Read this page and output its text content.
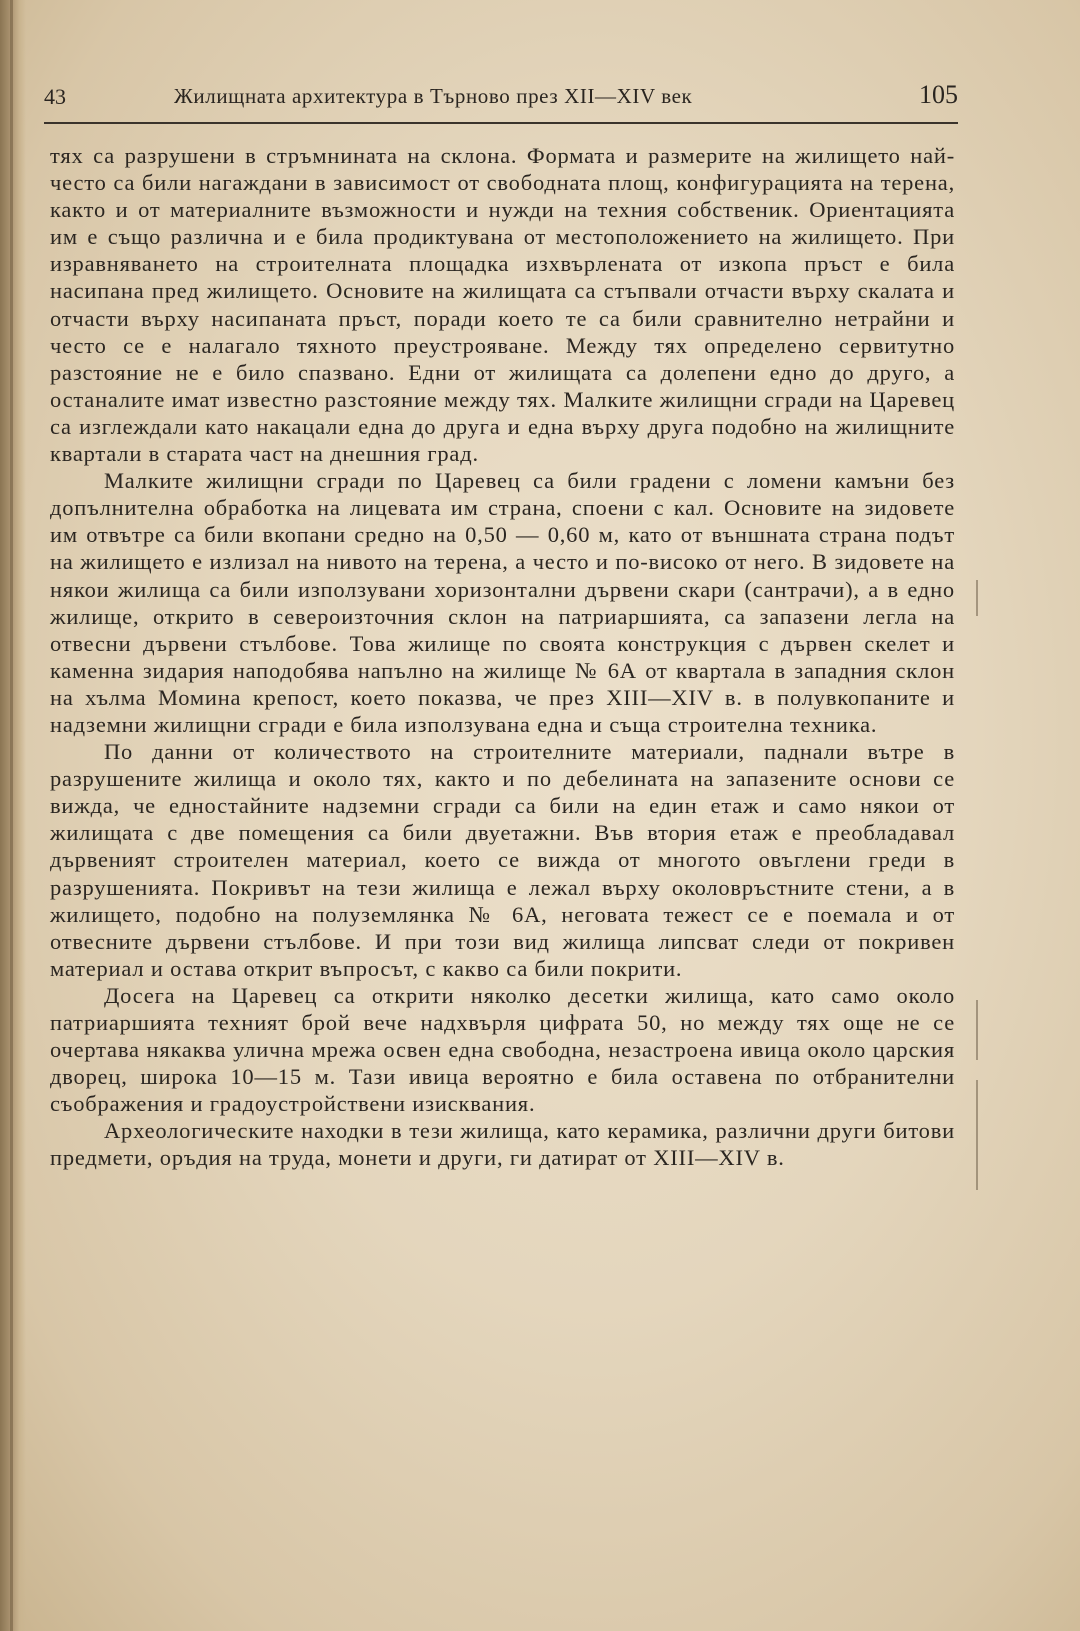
43	Жилищната архитектура в Търново през XII—XIV век	105

тях са разрушени в стръмнината на склона. Формата и размерите на жилището най-често са били нагаждани в зависимост от свободната площ, конфигурацията на терена, както и от материалните възможности и нужди на техния собственик. Ориентацията им е също различна и е била продиктувана от местоположението на жилището. При изравняването на строителната площадка изхвърлената от изкопа пръст е била насипана пред жилището. Основите на жилищата са стъпвали отчасти върху скалата и отчасти върху насипаната пръст, поради което те са били сравнително нетрайни и често се е налагало тяхното преустрояване. Между тях определено сервитутно разстояние не е било спазвано. Едни от жилищата са долепени едно до друго, а останалите имат известно разстояние между тях. Малките жилищни сгради на Царевец са изглеждали като накацали една до друга и една върху друга подобно на жилищните квартали в старата част на днешния град.

Малките жилищни сгради по Царевец са били градени с ломени камъни без допълнителна обработка на лицевата им страна, споени с кал. Основите на зидовете им отвътре са били вкопани средно на 0,50 — 0,60 м, като от външната страна подът на жилището е излизал на нивото на терена, а често и по-високо от него. В зидовете на някои жилища са били използувани хоризонтални дървени скари (сантрачи), а в едно жилище, открито в североизточния склон на патриаршията, са запазени легла на отвесни дървени стълбове. Това жилище по своята конструкция с дървен скелет и каменна зидария наподобява напълно на жилище № 6А от квартала в западния склон на хълма Момина крепост, което показва, че през XIII—XIV в. в полувкопаните и надземни жилищни сгради е била използувана една и съща строителна техника.

По данни от количеството на строителните материали, паднали вътре в разрушените жилища и около тях, както и по дебелината на запазените основи се вижда, че едностайните надземни сгради са били на един етаж и само някои от жилищата с две помещения са били двуетажни. Във втория етаж е преобладавал дървеният строителен материал, което се вижда от многото овъглени греди в разрушенията. Покривът на тези жилища е лежал върху околовръстните стени, а в жилището, подобно на полуземлянка № 6А, неговата тежест се е поемала и от отвесните дървени стълбове. И при този вид жилища липсват следи от покривен материал и остава открит въпросът, с какво са били покрити.

Досега на Царевец са открити няколко десетки жилища, като само около патриаршията техният брой вече надхвърля цифрата 50, но между тях още не се очертава някаква улична мрежа освен една свободна, незастроена ивица около царския дворец, широка 10—15 м. Тази ивица вероятно е била оставена по отбранителни съображения и градоустройствени изисквания.

Археологическите находки в тези жилища, като керамика, различни други битови предмети, оръдия на труда, монети и други, ги датират от XIII—XIV в.
